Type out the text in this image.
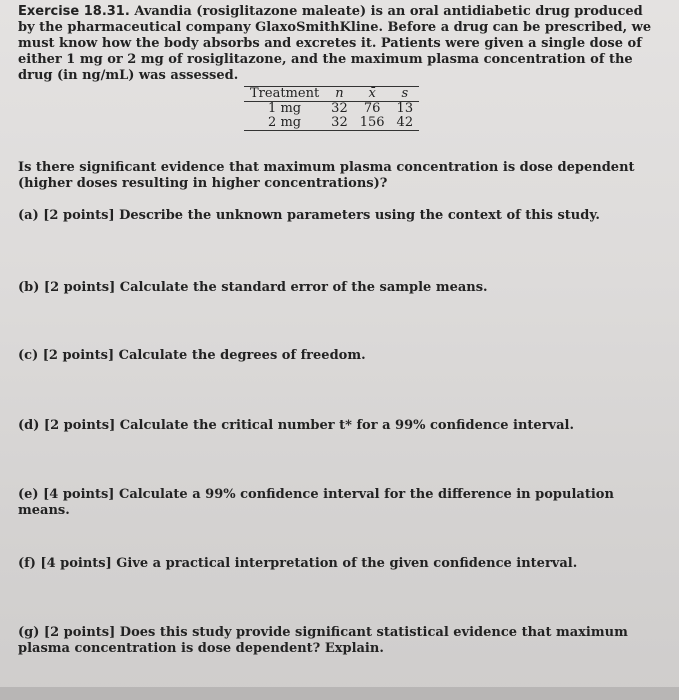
Exercise 18.31. Avandia (rosiglitazone maleate) is an oral antidiabetic drug produced by the pharmaceutical company GlaxoSmithKline. Before a drug can be prescribed, we must know how the body absorbs and excretes it. Patients were given a single dose of either 1 mg or 2 mg of rosiglitazone, and the maximum plasma concentration of the drug (in ng/mL) was assessed.

Treatment	n	x̄	s
1 mg	32	76	13
2 mg	32	156	42

Is there significant evidence that maximum plasma concentration is dose dependent (higher doses resulting in higher concentrations)?

(a) [2 points] Describe the unknown parameters using the context of this study.

(b) [2 points] Calculate the standard error of the sample means.

(c) [2 points] Calculate the degrees of freedom.

(d) [2 points] Calculate the critical number t* for a 99% confidence interval.

(e) [4 points] Calculate a 99% confidence interval for the difference in population means.

(f) [4 points] Give a practical interpretation of the given confidence interval.

(g) [2 points] Does this study provide significant statistical evidence that maximum plasma concentration is dose dependent? Explain.
